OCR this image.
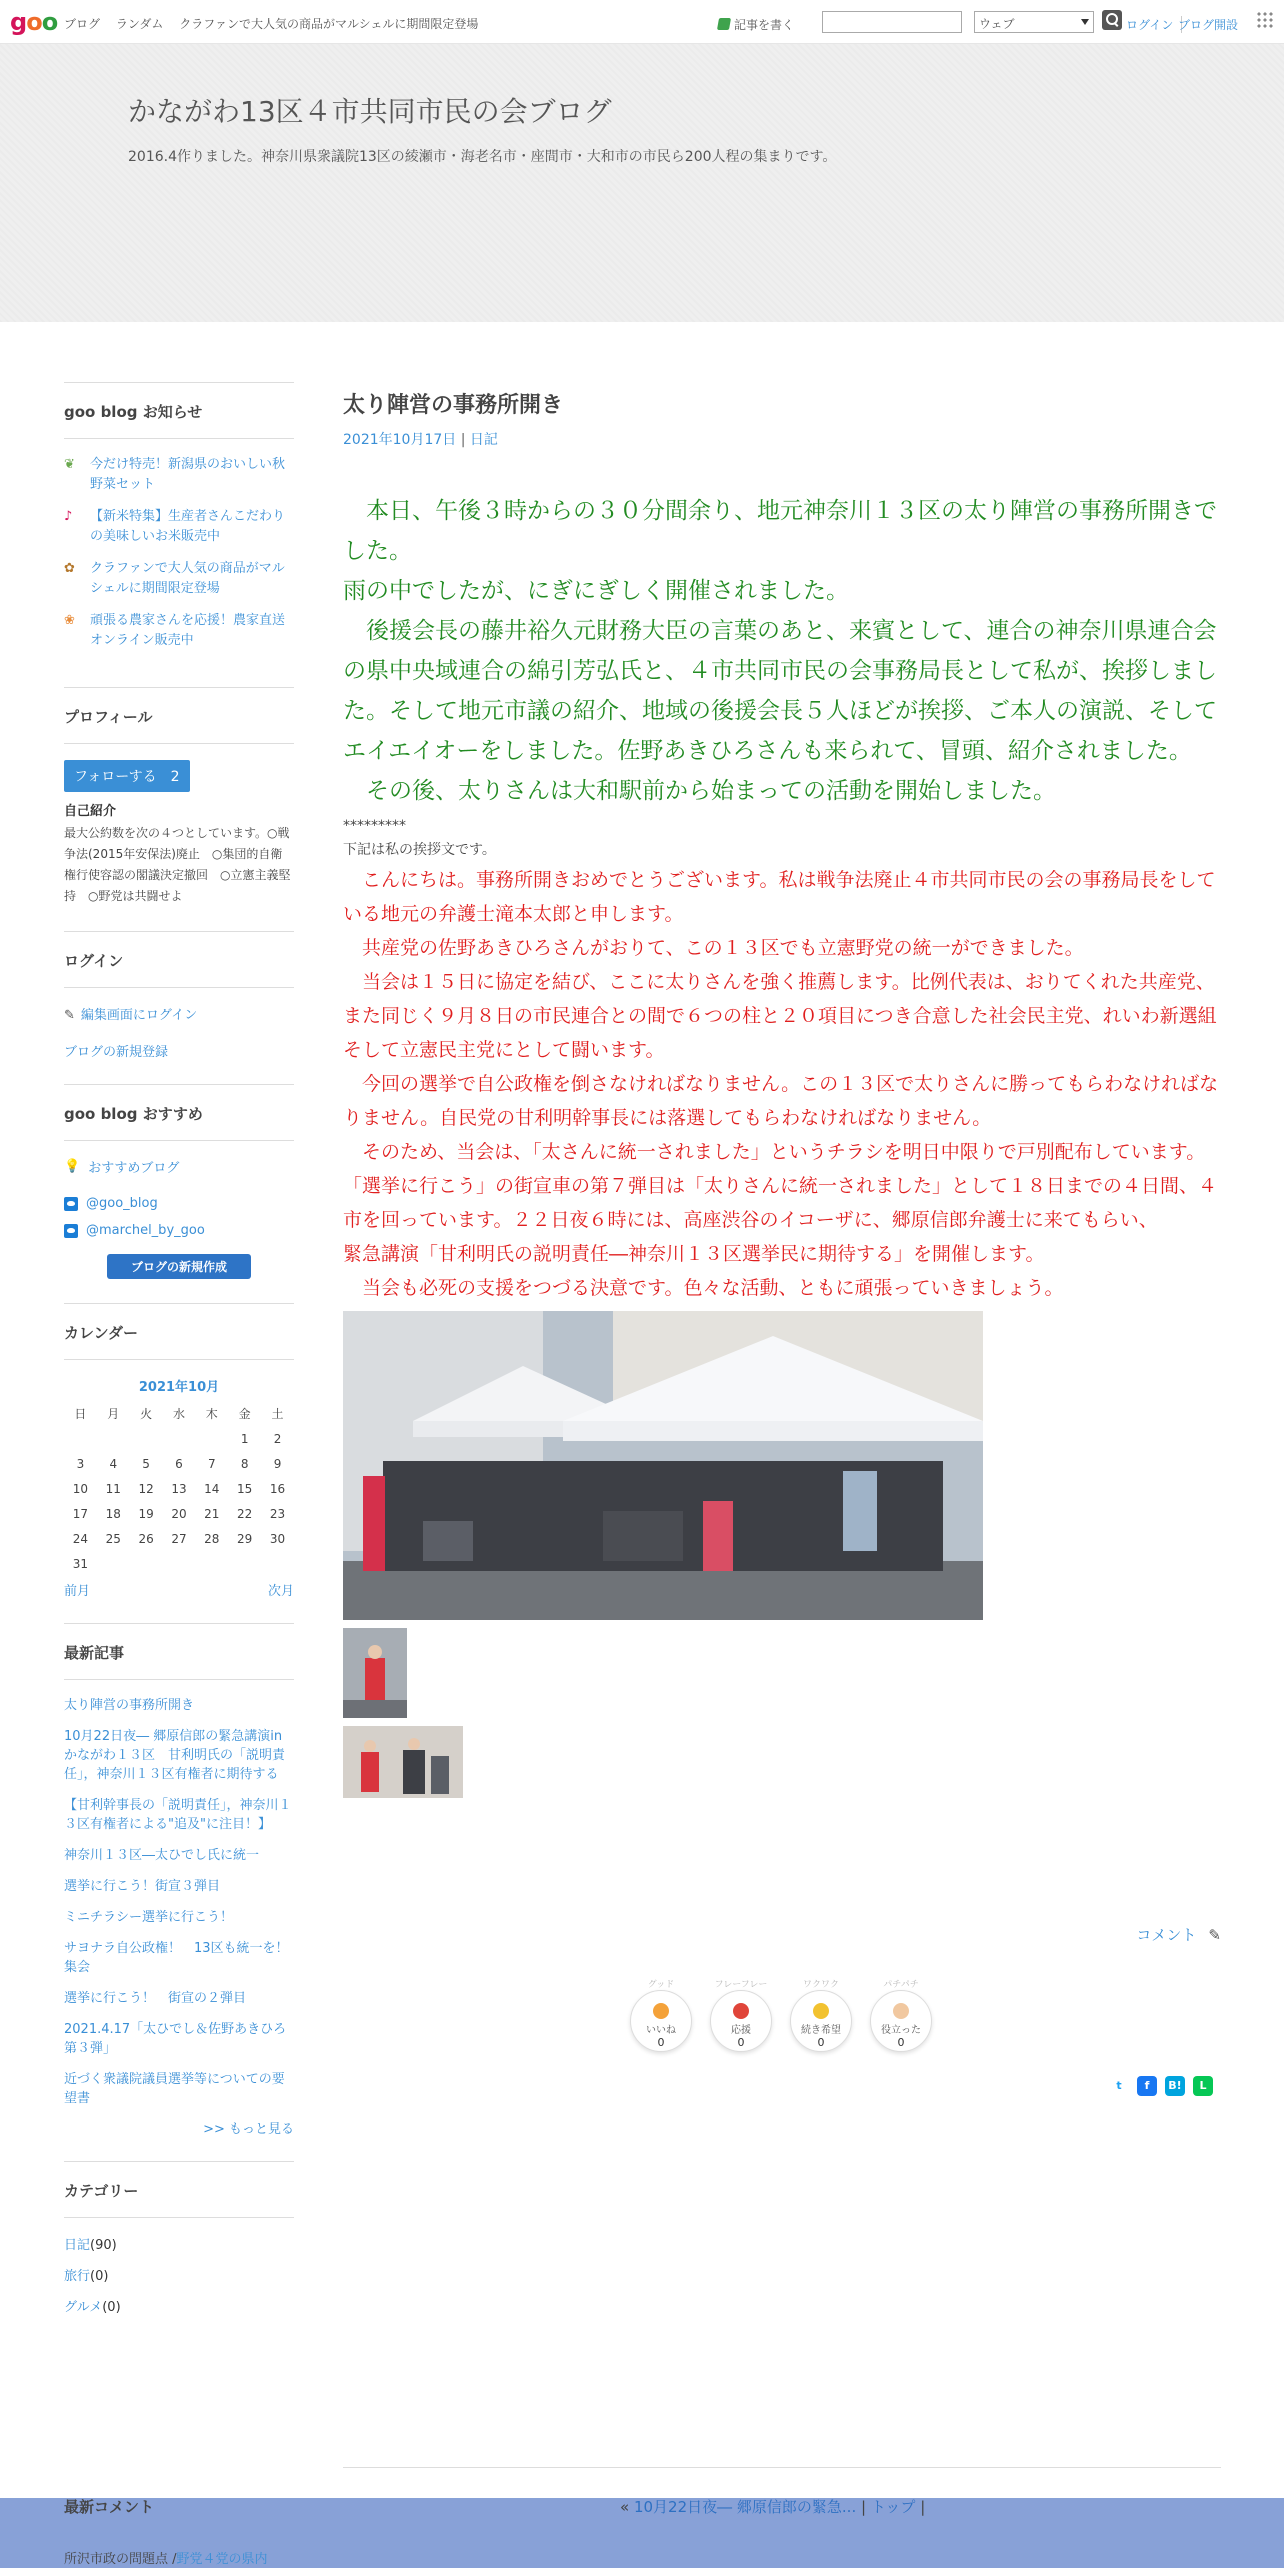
goo ブログ ランダム クラファンで大人気の商品がマルシェルに期間限定登場	記事を書く	ウェブ	ログイン ブログ開設
かながわ13区４市共同市民の会ブログ
2016.4作りました。神奈川県衆議院13区の綾瀬市・海老名市・座間市・大和市の市民ら200人程の集まりです。
goo blog お知らせ
❦	今だけ特売！新潟県のおいしい秋野菜セット
♪	【新米特集】生産者さんこだわりの美味しいお米販売中
✿	クラファンで大人気の商品がマルシェルに期間限定登場
❀	頑張る農家さんを応援！農家直送オンライン販売中
プロフィール
フォローする 2
自己紹介
最大公約数を次の４つとしています。○戦争法(2015年安保法)廃止　○集団的自衛権行使容認の閣議決定撤回　○立憲主義堅持　○野党は共闘せよ
ログイン
✎ 編集画面にログイン
ブログの新規登録
goo blog おすすめ
💡 おすすめブログ
@goo_blog
@marchel_by_goo
ブログの新規作成
カレンダー
2021年10月
日	月	火	水	木	金	土
					1	2
3	4	5	6	7	8	9
10	11	12	13	14	15	16
17	18	19	20	21	22	23
24	25	26	27	28	29	30
31						
前月	次月
最新記事
太り陣営の事務所開き
10月22日夜― 郷原信郎の緊急講演inかながわ１３区　甘利明氏の「説明責任」，神奈川１３区有権者に期待する
【甘利幹事長の「説明責任」，神奈川１３区有権者による"追及"に注目！】
神奈川１３区―太ひでし氏に統一
選挙に行こう！街宣３弾目
ミニチラシー選挙に行こう！
サヨナラ自公政権！　13区も統一を！　集会
選挙に行こう！　街宣の２弾目
2021.4.17「太ひでし＆佐野あきひろ　第３弾」
近づく衆議院議員選挙等についての要望書
>> もっと見る
カテゴリー
日記(90)
旅行(0)
グルメ(0)
太り陣営の事務所開き
2021年10月17日 | 日記
　本日、午後３時からの３０分間余り、地元神奈川１３区の太り陣営の事務所開きでした。
雨の中でしたが、にぎにぎしく開催されました。
　後援会長の藤井裕久元財務大臣の言葉のあと、来賓として、連合の神奈川県連合会の県中央域連合の綿引芳弘氏と、４市共同市民の会事務局長として私が、挨拶しました。そして地元市議の紹介、地域の後援会長５人ほどが挨拶、ご本人の演説、そしてエイエイオーをしました。佐野あきひろさんも来られて、冒頭、紹介されました。
　その後、太りさんは大和駅前から始まっての活動を開始しました。
*********
下記は私の挨拶文です。
　こんにちは。事務所開きおめでとうございます。私は戦争法廃止４市共同市民の会の事務局長をしている地元の弁護士滝本太郎と申します。
　共産党の佐野あきひろさんがおりて、この１３区でも立憲野党の統一ができました。
　当会は１５日に協定を結び、ここに太りさんを強く推薦します。比例代表は、おりてくれた共産党、また同じく９月８日の市民連合との間で６つの柱と２０項目につき合意した社会民主党、れいわ新選組そして立憲民主党にとして闘います。
　今回の選挙で自公政権を倒さなければなりません。この１３区で太りさんに勝ってもらわなければなりません。自民党の甘利明幹事長には落選してもらわなければなりません。
　そのため、当会は、「太さんに統一されました」というチラシを明日中限りで戸別配布しています。「選挙に行こう」の街宣車の第７弾目は「太りさんに統一されました」として１８日までの４日間、４市を回っています。２２日夜６時には、高座渋谷のイコーザに、郷原信郎弁護士に来てもらい、
緊急講演「甘利明氏の説明責任―神奈川１３区選挙民に期待する」を開催します。
　当会も必死の支援をつづる決意です。色々な活動、ともに頑張っていきましょう。
コメント ✎
グッド
いいね
0
フレーフレー
応援
0
ワクワク
続き希望
0
パチパチ
役立った
0
t f B! L
最新コメント
所沢市政の問題点 /野党４党の県内
« 10月22日夜― 郷原信郎の緊急... | トップ |
